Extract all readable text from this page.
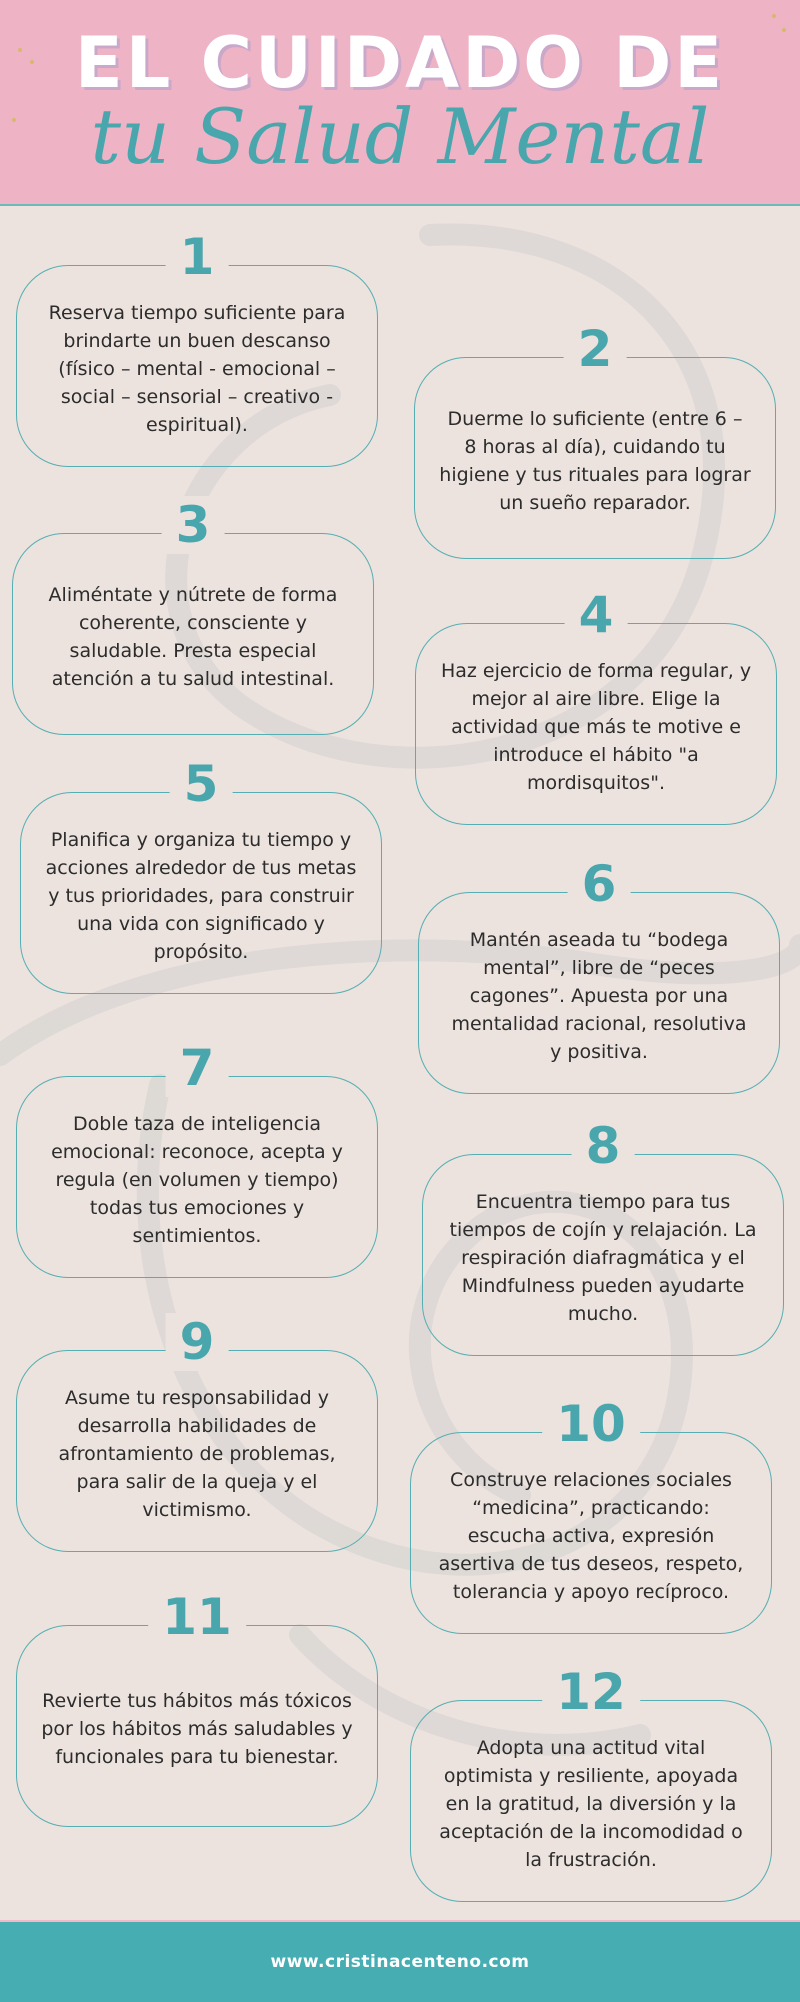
EL CUIDADO DE
tu Salud Mental
1
Reserva tiempo suficiente para brindarte un buen descanso (físico – mental - emocional – social – sensorial – creativo - espiritual).
2
Duerme lo suficiente (entre 6 – 8 horas al día), cuidando tu higiene y tus rituales para lograr un sueño reparador.
3
Aliméntate y nútrete de forma coherente, consciente y saludable. Presta especial atención a tu salud intestinal.
4
Haz ejercicio de forma regular, y mejor al aire libre. Elige la actividad que más te motive e introduce el hábito "a mordisquitos".
5
Planifica y organiza tu tiempo y acciones alrededor de tus metas y tus prioridades, para construir una vida con significado y propósito.
6
Mantén aseada tu “bodega mental”, libre de “peces cagones”. Apuesta por una mentalidad racional, resolutiva y positiva.
7
Doble taza de inteligencia emocional: reconoce, acepta y regula (en volumen y tiempo) todas tus emociones y sentimientos.
8
Encuentra tiempo para tus tiempos de cojín y relajación. La respiración diafragmática y el Mindfulness pueden ayudarte mucho.
9
Asume tu responsabilidad y desarrolla habilidades de afrontamiento de problemas, para salir de la queja y el victimismo.
10
Construye relaciones sociales “medicina”, practicando: escucha activa, expresión asertiva de tus deseos, respeto, tolerancia y apoyo recíproco.
11
Revierte tus hábitos más tóxicos por los hábitos más saludables y funcionales para tu bienestar.
12
Adopta una actitud vital optimista y resiliente, apoyada en la gratitud, la diversión y la aceptación de la incomodidad o la frustración.
www.cristinacenteno.com
